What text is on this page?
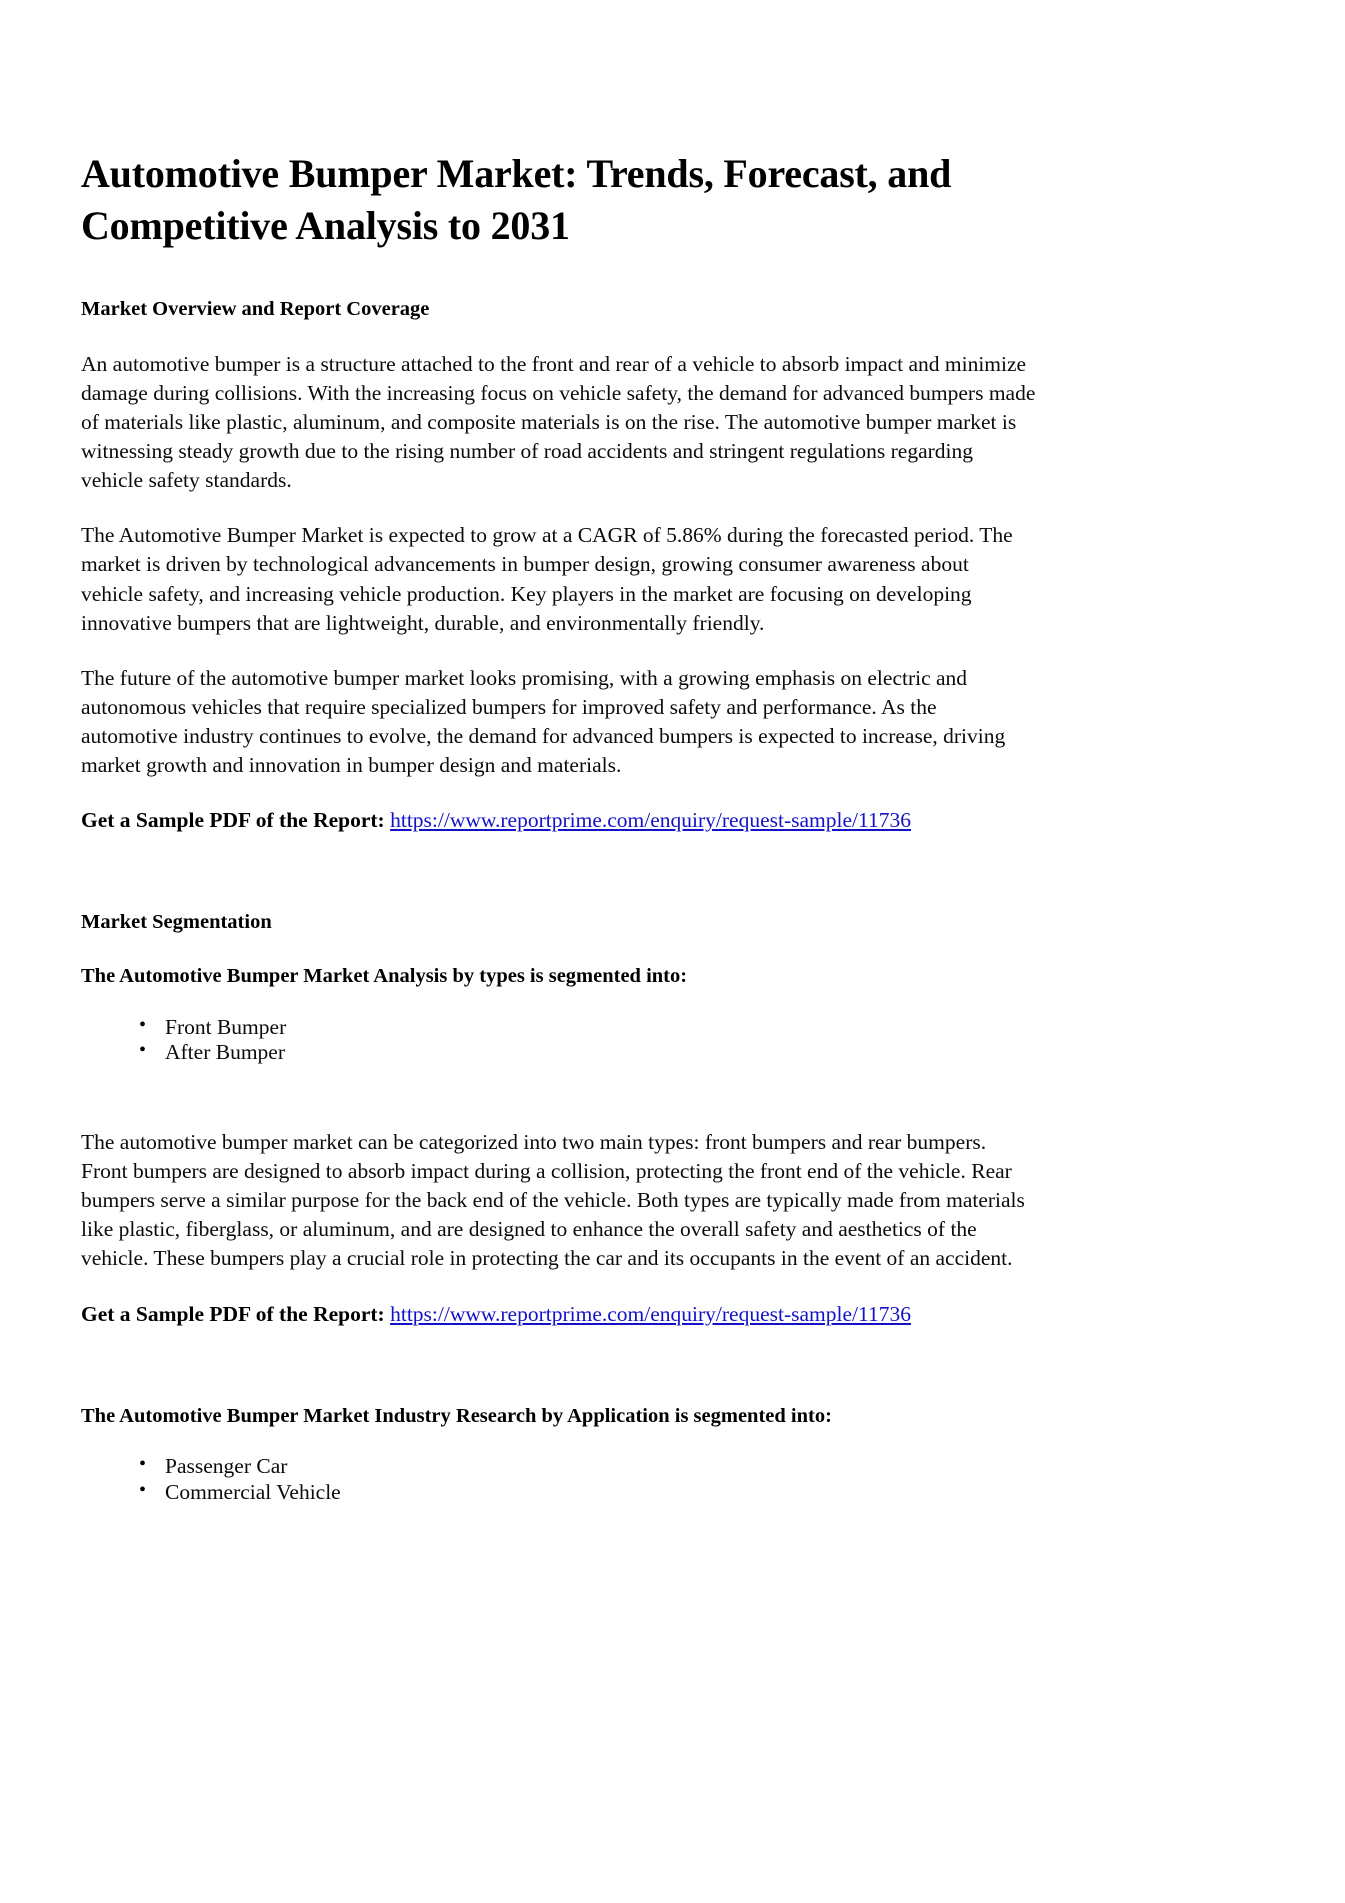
Automotive Bumper Market: Trends, Forecast, and Competitive Analysis to 2031
Market Overview and Report Coverage

An automotive bumper is a structure attached to the front and rear of a vehicle to absorb impact and minimize damage during collisions. With the increasing focus on vehicle safety, the demand for advanced bumpers made of materials like plastic, aluminum, and composite materials is on the rise. The automotive bumper market is witnessing steady growth due to the rising number of road accidents and stringent regulations regarding vehicle safety standards.

The Automotive Bumper Market is expected to grow at a CAGR of 5.86% during the forecasted period. The market is driven by technological advancements in bumper design, growing consumer awareness about vehicle safety, and increasing vehicle production. Key players in the market are focusing on developing innovative bumpers that are lightweight, durable, and environmentally friendly.

The future of the automotive bumper market looks promising, with a growing emphasis on electric and autonomous vehicles that require specialized bumpers for improved safety and performance. As the automotive industry continues to evolve, the demand for advanced bumpers is expected to increase, driving market growth and innovation in bumper design and materials.

Get a Sample PDF of the Report: https://www.reportprime.com/enquiry/request-sample/11736

Market Segmentation
The Automotive Bumper Market Analysis by types is segmented into:
• Front Bumper
• After Bumper

The automotive bumper market can be categorized into two main types: front bumpers and rear bumpers. Front bumpers are designed to absorb impact during a collision, protecting the front end of the vehicle. Rear bumpers serve a similar purpose for the back end of the vehicle. Both types are typically made from materials like plastic, fiberglass, or aluminum, and are designed to enhance the overall safety and aesthetics of the vehicle. These bumpers play a crucial role in protecting the car and its occupants in the event of an accident.

Get a Sample PDF of the Report: https://www.reportprime.com/enquiry/request-sample/11736

The Automotive Bumper Market Industry Research by Application is segmented into:
• Passenger Car
• Commercial Vehicle
